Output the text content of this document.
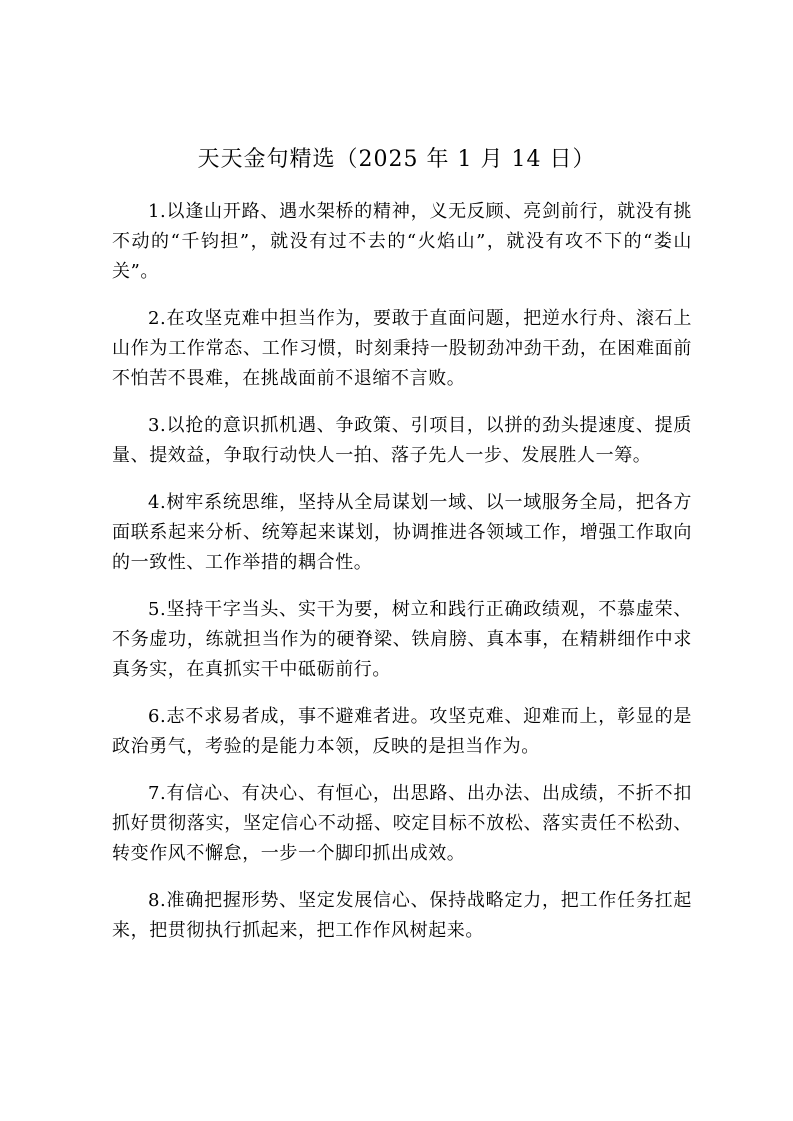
天天金句精选（2025 年 1 月 14 日）

1.以逢山开路、遇水架桥的精神，义无反顾、亮剑前行，就没有挑不动的“千钧担”，就没有过不去的“火焰山”，就没有攻不下的“娄山关”。

2.在攻坚克难中担当作为，要敢于直面问题，把逆水行舟、滚石上山作为工作常态、工作习惯，时刻秉持一股韧劲冲劲干劲，在困难面前不怕苦不畏难，在挑战面前不退缩不言败。

3.以抢的意识抓机遇、争政策、引项目，以拼的劲头提速度、提质量、提效益，争取行动快人一拍、落子先人一步、发展胜人一筹。

4.树牢系统思维，坚持从全局谋划一域、以一域服务全局，把各方面联系起来分析、统筹起来谋划，协调推进各领域工作，增强工作取向的一致性、工作举措的耦合性。

5.坚持干字当头、实干为要，树立和践行正确政绩观，不慕虚荣、不务虚功，练就担当作为的硬脊梁、铁肩膀、真本事，在精耕细作中求真务实，在真抓实干中砥砺前行。

6.志不求易者成，事不避难者进。攻坚克难、迎难而上，彰显的是政治勇气，考验的是能力本领，反映的是担当作为。

7.有信心、有决心、有恒心，出思路、出办法、出成绩，不折不扣抓好贯彻落实，坚定信心不动摇、咬定目标不放松、落实责任不松劲、转变作风不懈怠，一步一个脚印抓出成效。

8.准确把握形势、坚定发展信心、保持战略定力，把工作任务扛起来，把贯彻执行抓起来，把工作作风树起来。
